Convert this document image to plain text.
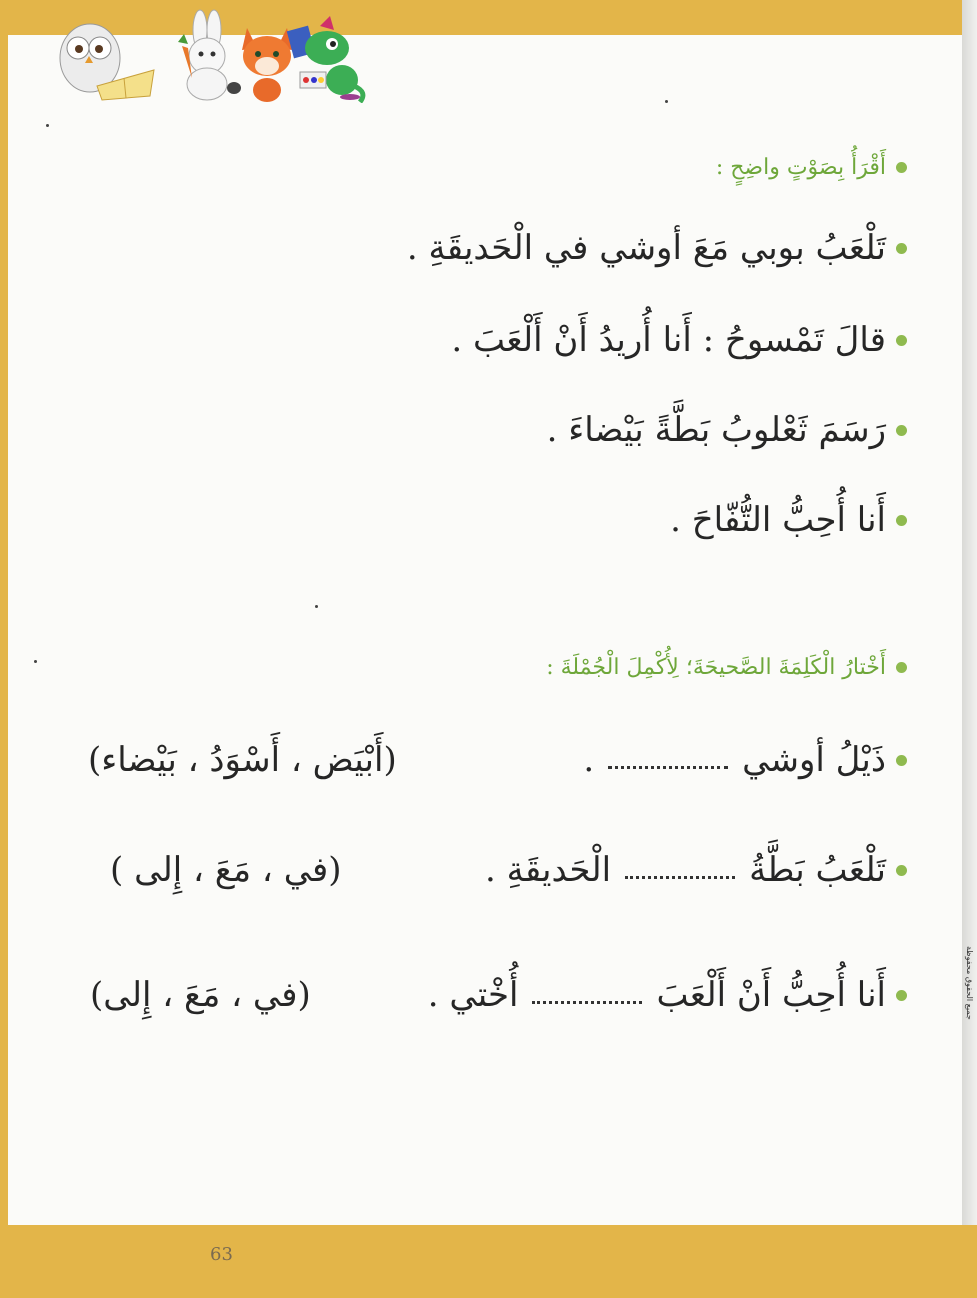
جميع الحقوق محفوظة
63
أَقْرَأُ بِصَوْتٍ واضِحٍ :
تَلْعَبُ بوبي مَعَ أوشي في الْحَديقَةِ .
قالَ تَمْسوحُ : أَنا أُريدُ أَنْ أَلْعَبَ .
رَسَمَ ثَعْلوبُ بَطَّةً بَيْضاءَ .
أَنا أُحِبُّ التُّفّاحَ .
أَخْتارُ الْكَلِمَةَ الصَّحيحَةَ؛ لِأُكْمِلَ الْجُمْلَةَ :
ذَيْلُ أوشي
.
(أَبْيَض ، أَسْوَدُ ، بَيْضاء)
تَلْعَبُ بَطَّةُ
الْحَديقَةِ .
(في ، مَعَ ، إِلى )
أَنا أُحِبُّ أَنْ أَلْعَبَ
أُخْتي .
(في ، مَعَ ، إِلى)
